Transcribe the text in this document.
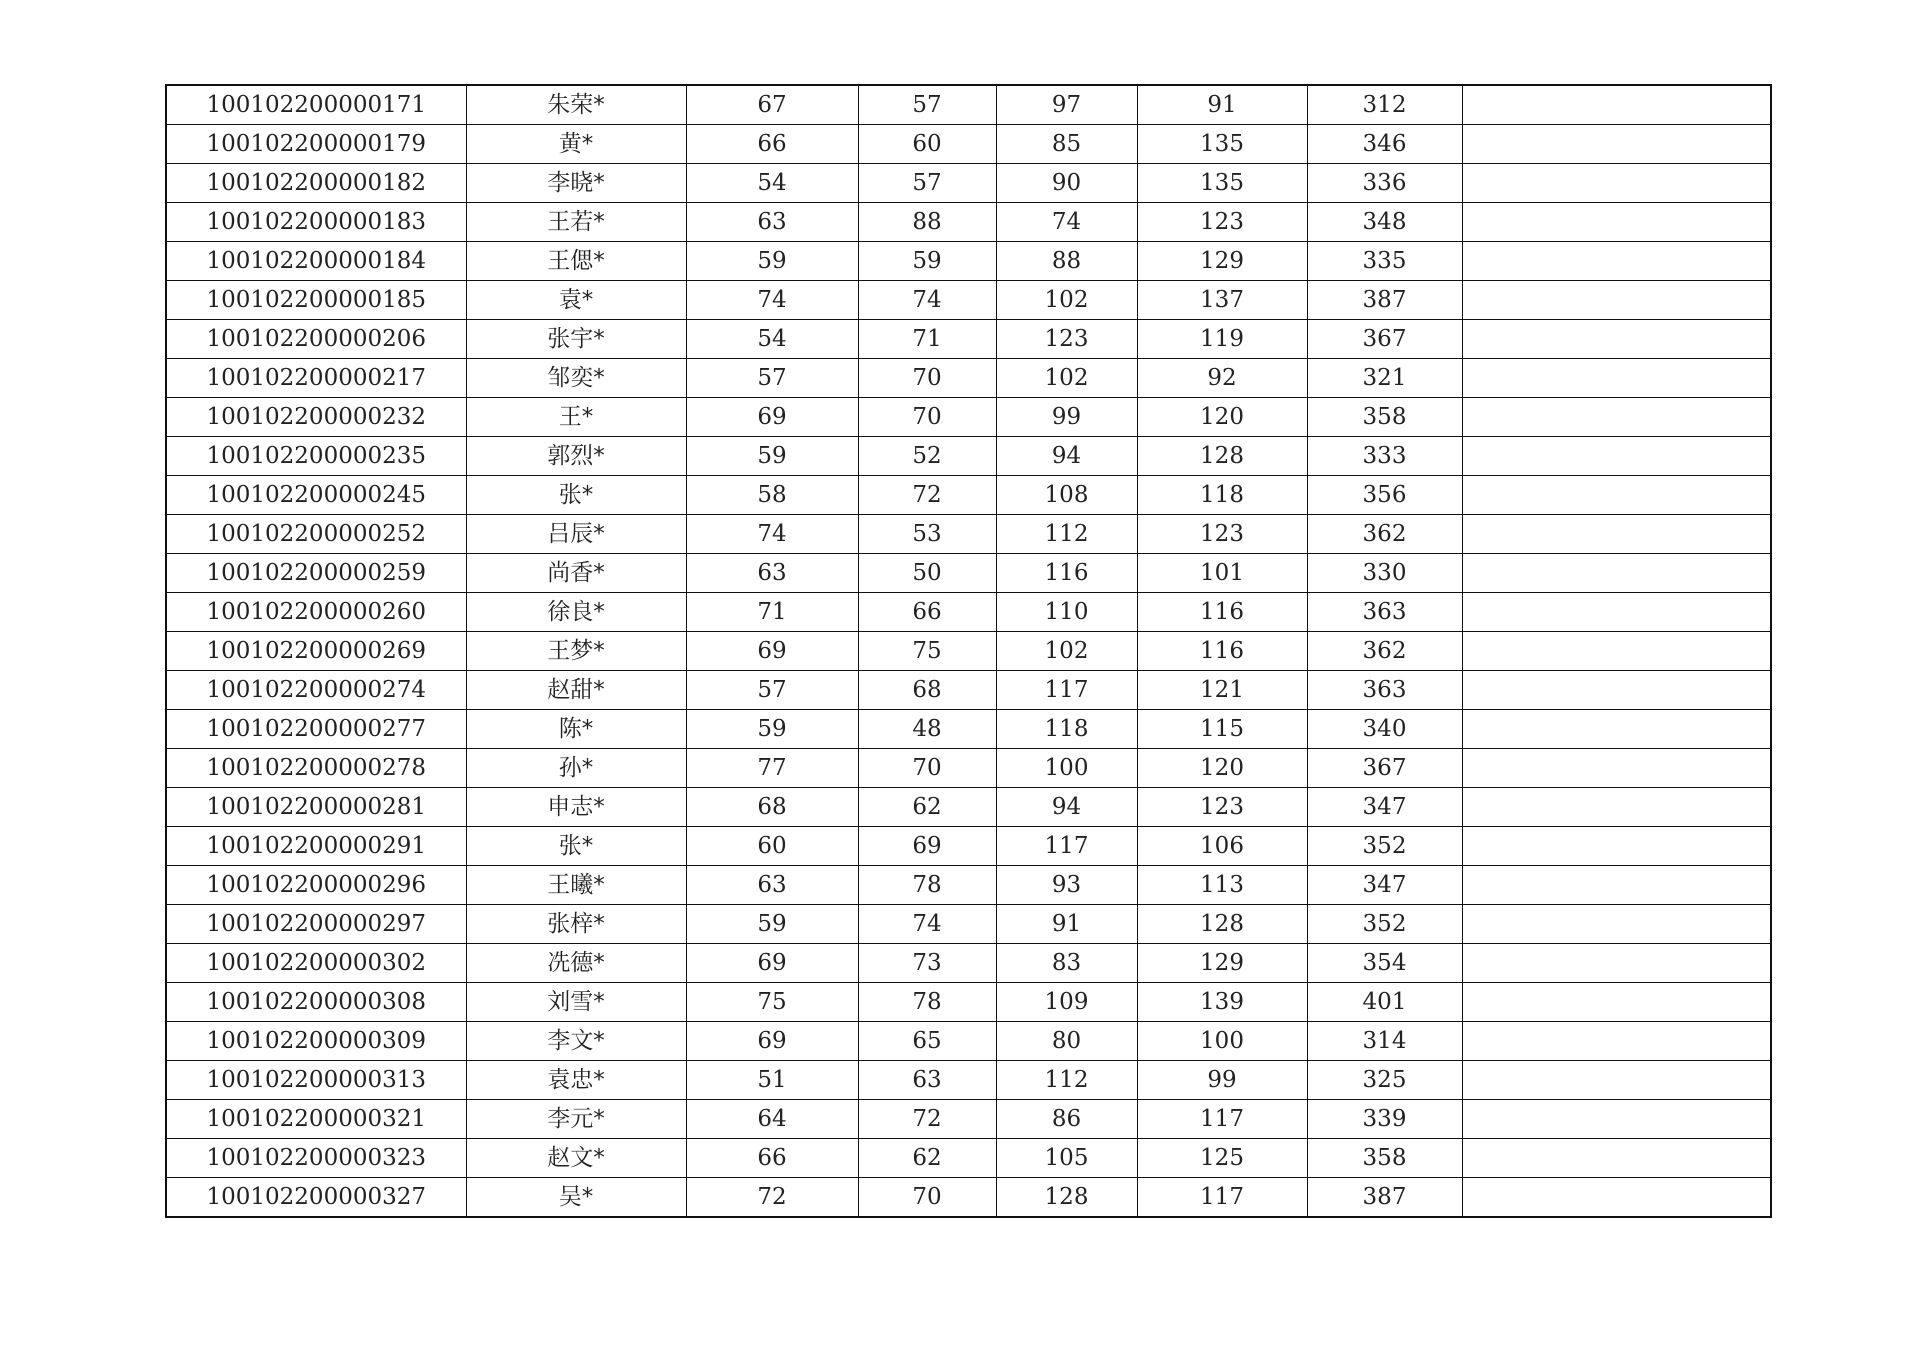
100102200000171	朱荣*	67	57	97	91	312	
100102200000179	黄*	66	60	85	135	346	
100102200000182	李晓*	54	57	90	135	336	
100102200000183	王若*	63	88	74	123	348	
100102200000184	王偲*	59	59	88	129	335	
100102200000185	袁*	74	74	102	137	387	
100102200000206	张宇*	54	71	123	119	367	
100102200000217	邹奕*	57	70	102	92	321	
100102200000232	王*	69	70	99	120	358	
100102200000235	郭烈*	59	52	94	128	333	
100102200000245	张*	58	72	108	118	356	
100102200000252	吕辰*	74	53	112	123	362	
100102200000259	尚香*	63	50	116	101	330	
100102200000260	徐良*	71	66	110	116	363	
100102200000269	王梦*	69	75	102	116	362	
100102200000274	赵甜*	57	68	117	121	363	
100102200000277	陈*	59	48	118	115	340	
100102200000278	孙*	77	70	100	120	367	
100102200000281	申志*	68	62	94	123	347	
100102200000291	张*	60	69	117	106	352	
100102200000296	王曦*	63	78	93	113	347	
100102200000297	张梓*	59	74	91	128	352	
100102200000302	冼德*	69	73	83	129	354	
100102200000308	刘雪*	75	78	109	139	401	
100102200000309	李文*	69	65	80	100	314	
100102200000313	袁忠*	51	63	112	99	325	
100102200000321	李元*	64	72	86	117	339	
100102200000323	赵文*	66	62	105	125	358	
100102200000327	吴*	72	70	128	117	387	
